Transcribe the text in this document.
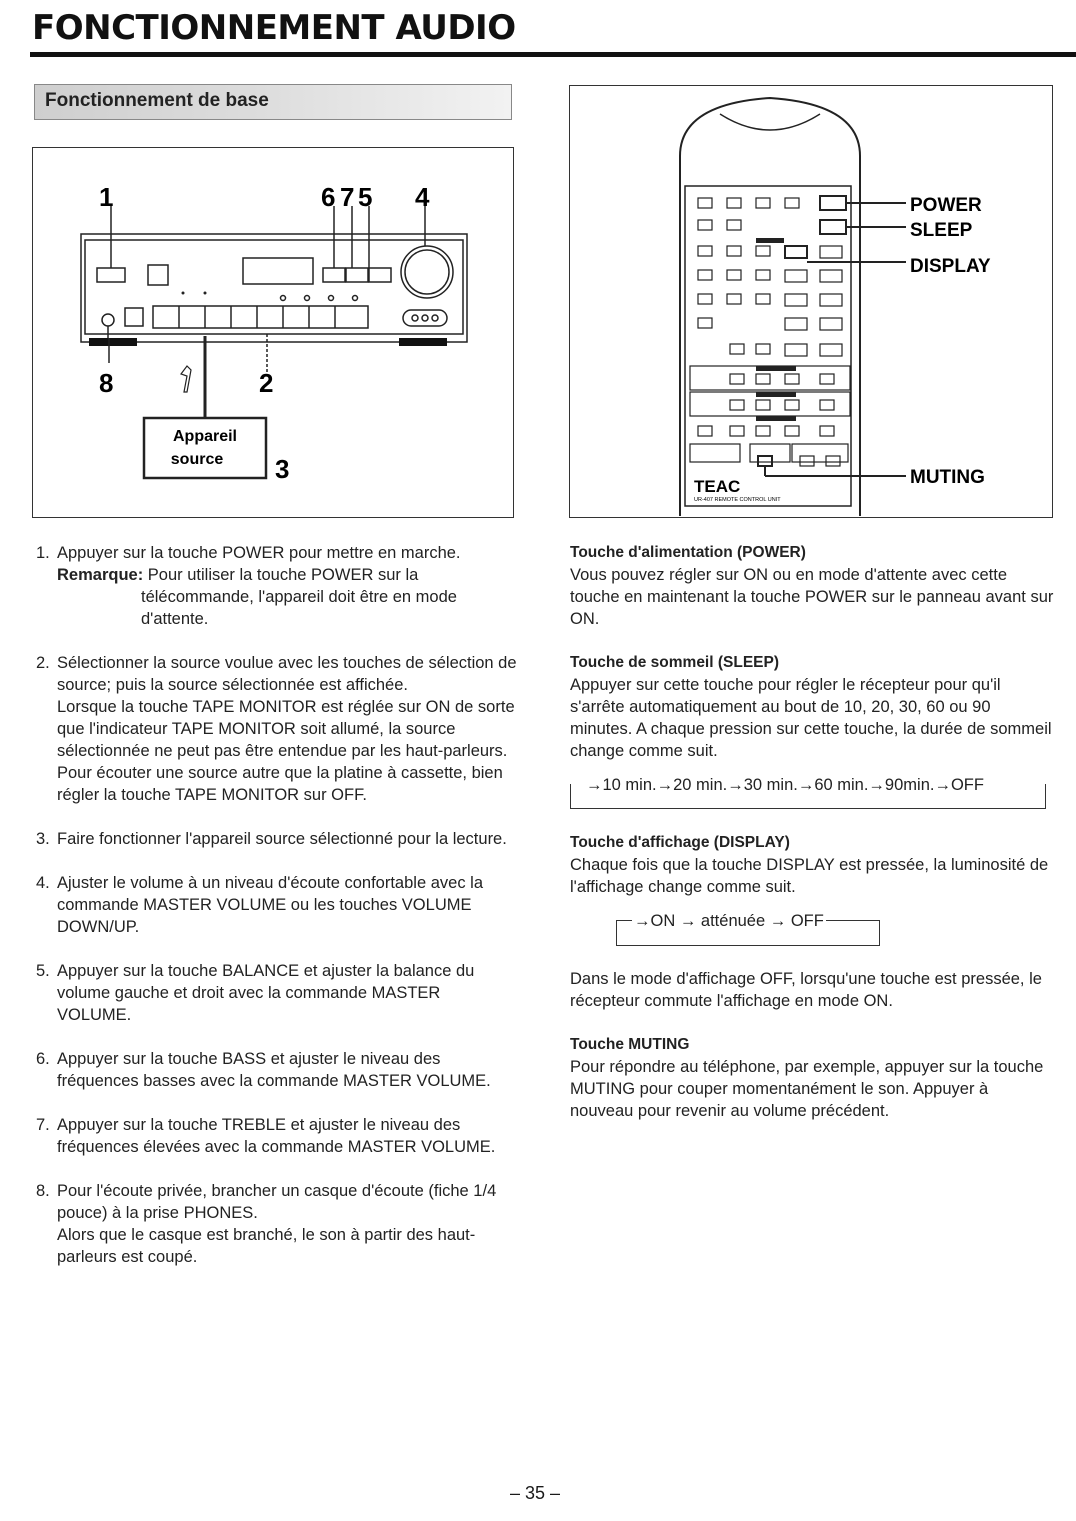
FONCTIONNEMENT AUDIO
Fonctionnement de base
1	6 7 5 4
8	2
Appareil
source 3
POWER
SLEEP
DISPLAY
MUTING
TEAC
UR-407 REMOTE CONTROL UNIT
1. Appuyer sur la touche POWER pour mettre en marche.
Remarque: Pour utiliser la touche POWER sur la télécommande, l'appareil doit être en mode d'attente.
2. Sélectionner la source voulue avec les touches de sélection de source; puis la source sélectionnée est affichée.
Lorsque la touche TAPE MONITOR est réglée sur ON de sorte que l'indicateur TAPE MONITOR soit allumé, la source sélectionnée ne peut pas être entendue par les haut-parleurs. Pour écouter une source autre que la platine à cassette, bien régler la touche TAPE MONITOR sur OFF.
3. Faire fonctionner l'appareil source sélectionné pour la lecture.
4. Ajuster le volume à un niveau d'écoute confortable avec la commande MASTER VOLUME ou les touches VOLUME DOWN/UP.
5. Appuyer sur la touche BALANCE et ajuster la balance du volume gauche et droit avec la commande MASTER VOLUME.
6. Appuyer sur la touche BASS et ajuster le niveau des fréquences basses avec la commande MASTER VOLUME.
7. Appuyer sur la touche TREBLE et ajuster le niveau des fréquences élevées avec la commande MASTER VOLUME.
8. Pour l'écoute privée, brancher un casque d'écoute (fiche 1/4 pouce) à la prise PHONES.
Alors que le casque est branché, le son à partir des haut-parleurs est coupé.
Touche d'alimentation (POWER)

Vous pouvez régler sur ON ou en mode d'attente avec cette touche en maintenant la touche POWER sur le panneau avant sur ON.

Touche de sommeil (SLEEP)

Appuyer sur cette touche pour régler le récepteur pour qu'il s'arrête automatiquement au bout de 10, 20, 30, 60 ou 90 minutes. A chaque pression sur cette touche, la durée de sommeil change comme suit.

→10 min.→20 min.→30 min.→60 min.→90min.→OFF
Touche d'affichage (DISPLAY)

Chaque fois que la touche DISPLAY est pressée, la luminosité de l'affichage change comme suit.

→ON → atténuée → OFF

Dans le mode d'affichage OFF, lorsqu'une touche est pressée, le récepteur commute l'affichage en mode ON.

Touche MUTING

Pour répondre au téléphone, par exemple, appuyer sur la touche MUTING pour couper momentanément le son. Appuyer à nouveau pour revenir au volume précédent.

– 35 –
